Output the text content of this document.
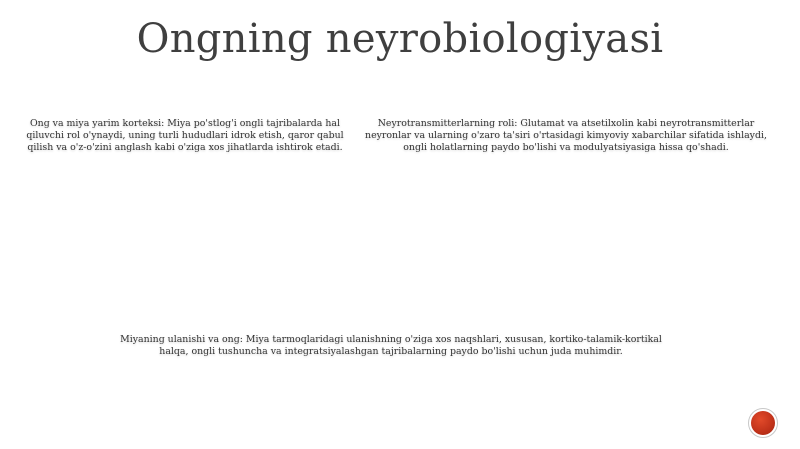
Ongning neyrobiologiyasi
Ong va miya yarim korteksi: Miya po'stlog'i ongli tajribalarda hal qiluvchi rol o'ynaydi, uning turli hududlari idrok etish, qaror qabul qilish va o'z-o'zini anglash kabi o'ziga xos jihatlarda ishtirok etadi.
Neyrotransmitterlarning roli: Glutamat va atsetilxolin kabi neyrotransmitterlar neyronlar va ularning o'zaro ta'siri o'rtasidagi kimyoviy xabarchilar sifatida ishlaydi, ongli holatlarning paydo bo'lishi va modulyatsiyasiga hissa qo'shadi.
Miyaning ulanishi va ong: Miya tarmoqlaridagi ulanishning o'ziga xos naqshlari, xususan, kortiko-talamik-kortikal halqa, ongli tushuncha va integratsiyalashgan tajribalarning paydo bo'lishi uchun juda muhimdir.
